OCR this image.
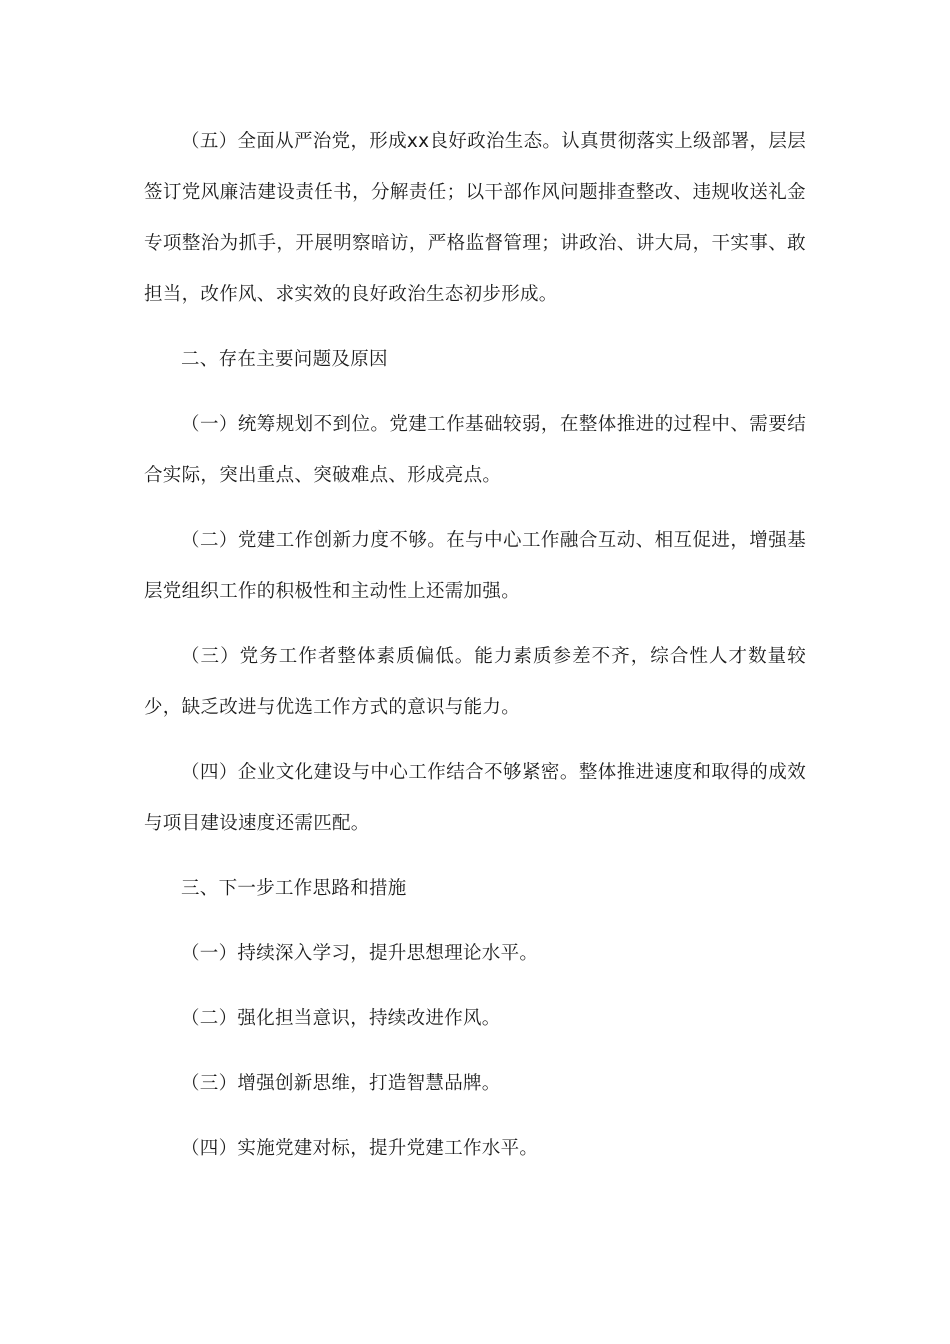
（五）全面从严治党，形成xx良好政治生态。认真贯彻落实上级部署，层层签订党风廉洁建设责任书，分解责任；以干部作风问题排查整改、违规收送礼金专项整治为抓手，开展明察暗访，严格监督管理；讲政治、讲大局，干实事、敢担当，改作风、求实效的良好政治生态初步形成。

二、存在主要问题及原因

（一）统筹规划不到位。党建工作基础较弱，在整体推进的过程中、需要结合实际，突出重点、突破难点、形成亮点。

（二）党建工作创新力度不够。在与中心工作融合互动、相互促进，增强基层党组织工作的积极性和主动性上还需加强。

（三）党务工作者整体素质偏低。能力素质参差不齐，综合性人才数量较少，缺乏改进与优选工作方式的意识与能力。

（四）企业文化建设与中心工作结合不够紧密。整体推进速度和取得的成效与项目建设速度还需匹配。

三、下一步工作思路和措施

（一）持续深入学习，提升思想理论水平。

（二）强化担当意识，持续改进作风。

（三）增强创新思维，打造智慧品牌。

（四）实施党建对标，提升党建工作水平。
